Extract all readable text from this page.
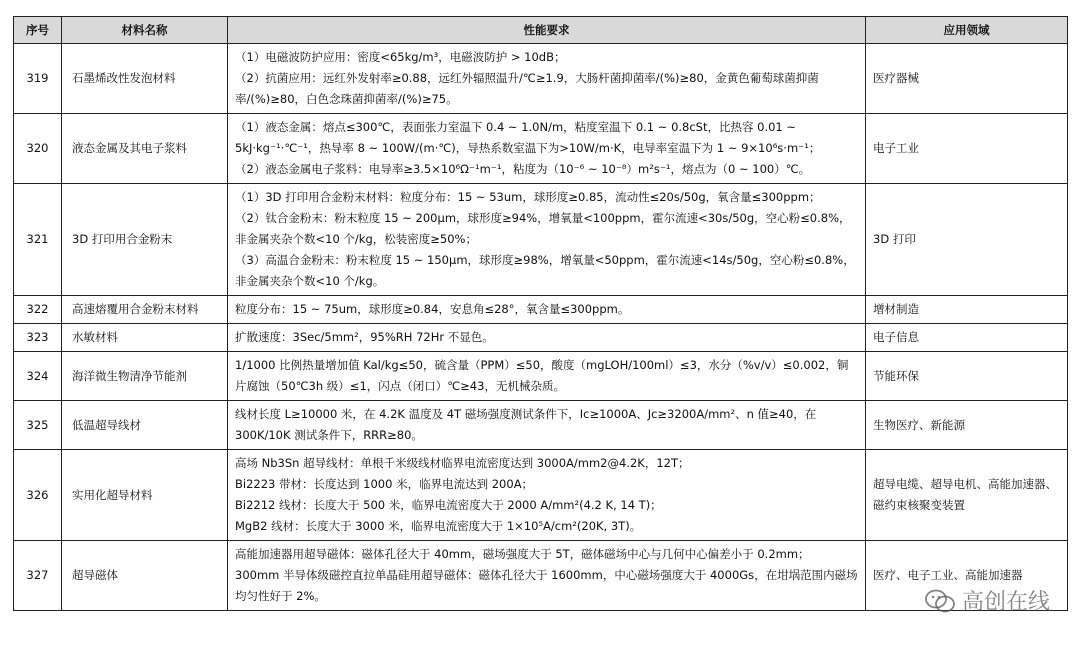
序号	材料名称	性能要求	应用领域
319	石墨烯改性发泡材料	（1）电磁波防护应用：密度<65kg/m³，电磁波防护 > 10dB；
（2）抗菌应用：远红外发射率≥0.88，远红外辐照温升/℃≥1.9，大肠杆菌抑菌率/(%)≥80，金黄色葡萄球菌抑菌率/(%)≥80，白色念珠菌抑菌率/(%)≥75。	医疗器械
320	液态金属及其电子浆料	（1）液态金属：熔点≤300℃，表面张力室温下 0.4 ~ 1.0N/m，粘度室温下 0.1 ~ 0.8cSt，比热容 0.01 ~ 5kJ·kg⁻¹·℃⁻¹，热导率 8 ~ 100W/(m·℃)，导热系数室温下为>10W/m·K，电导率室温下为 1 ~ 9×10⁶s·m⁻¹；
（2）液态金属电子浆料：电导率≥3.5×10⁶Ω⁻¹m⁻¹，粘度为（10⁻⁶ ~ 10⁻⁸）m²s⁻¹，熔点为（0 ~ 100）℃。	电子工业
321	3D 打印用合金粉末	（1）3D 打印用合金粉末材料：粒度分布：15 ~ 53um，球形度≥0.85，流动性≤20s/50g，氧含量≤300ppm；
（2）钛合金粉末：粉末粒度 15 ~ 200μm，球形度≥94%，增氧量<100ppm，霍尔流速<30s/50g，空心粉≤0.8%，非金属夹杂个数<10 个/kg，松装密度≥50%；
（3）高温合金粉末：粉末粒度 15 ~ 150μm，球形度≥98%，增氧量<50ppm，霍尔流速<14s/50g，空心粉≤0.8%，非金属夹杂个数<10 个/kg。	3D 打印
322	高速熔覆用合金粉末材料	粒度分布：15 ~ 75um，球形度≥0.84，安息角≤28°，氧含量≤300ppm。	增材制造
323	水敏材料	扩散速度：3Sec/5mm²，95%RH 72Hr 不显色。	电子信息
324	海洋微生物清净节能剂	1/1000 比例热量增加值 Kal/kg≤50，硫含量（PPM）≤50，酸度（mgLOH/100ml）≤3，水分（%v/v）≤0.002，铜片腐蚀（50℃3h 级）≤1，闪点（闭口）℃≥43，无机械杂质。	节能环保
325	低温超导线材	线材长度 L≥10000 米，在 4.2K 温度及 4T 磁场强度测试条件下，Ic≥1000A、Jc≥3200A/mm²、n 值≥40，在 300K/10K 测试条件下，RRR≥80。	生物医疗、新能源
326	实用化超导材料	高场 Nb3Sn 超导线材：单根千米级线材临界电流密度达到 3000A/mm2@4.2K，12T；
Bi2223 带材：长度达到 1000 米，临界电流达到 200A；
Bi2212 线材：长度大于 500 米，临界电流密度大于 2000 A/mm²(4.2 K, 14 T)；
MgB2 线材：长度大于 3000 米，临界电流密度大于 1×10⁵A/cm²(20K, 3T)。	超导电缆、超导电机、高能加速器、磁约束核聚变装置
327	超导磁体	高能加速器用超导磁体：磁体孔径大于 40mm，磁场强度大于 5T，磁体磁场中心与几何中心偏差小于 0.2mm；
300mm 半导体级磁控直拉单晶硅用超导磁体：磁体孔径大于 1600mm，中心磁场强度大于 4000Gs，在坩埚范围内磁场均匀性好于 2%。	医疗、电子工业、高能加速器
高创在线
